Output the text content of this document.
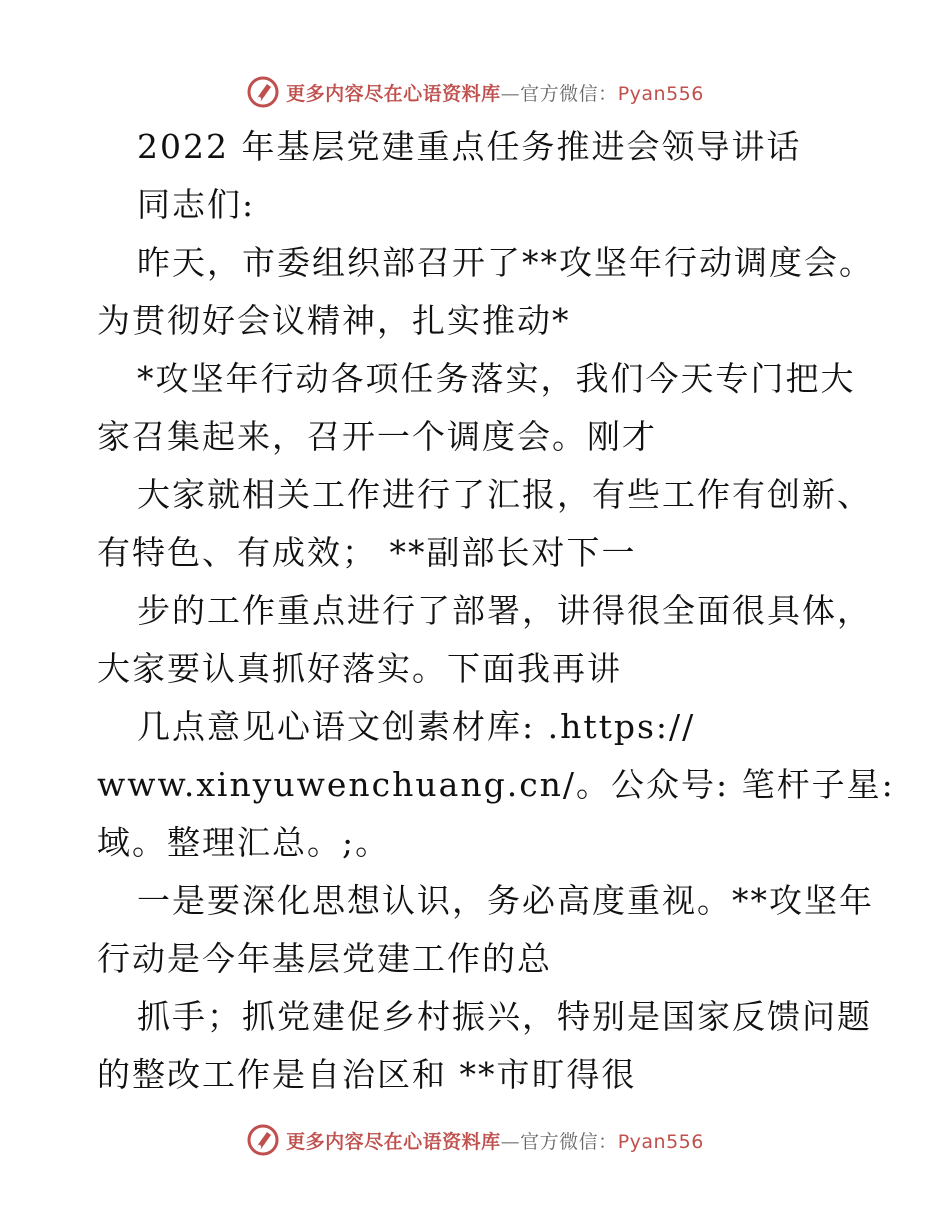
更多内容尽在心语资料库—官方微信：Pyan556

2022 年基层党建重点任务推进会领导讲话

同志们:

昨天，市委组织部召开了**攻坚年行动调度会。

为贯彻好会议精神，扎实推动*

*攻坚年行动各项任务落实，我们今天专门把大

家召集起来，召开一个调度会。刚才

大家就相关工作进行了汇报，有些工作有创新、

有特色、有成效； **副部长对下一

步的工作重点进行了部署，讲得很全面很具体，

大家要认真抓好落实。下面我再讲

几点意见心语文创素材库: .https://

www.xinyuwenchuang.cn/。公众号: 笔杆子星:

域。整理汇总。;。

一是要深化思想认识，务必高度重视。**攻坚年

行动是今年基层党建工作的总

抓手；抓党建促乡村振兴，特别是国家反馈问题

的整改工作是自治区和 **市盯得很

更多内容尽在心语资料库—官方微信：Pyan556
